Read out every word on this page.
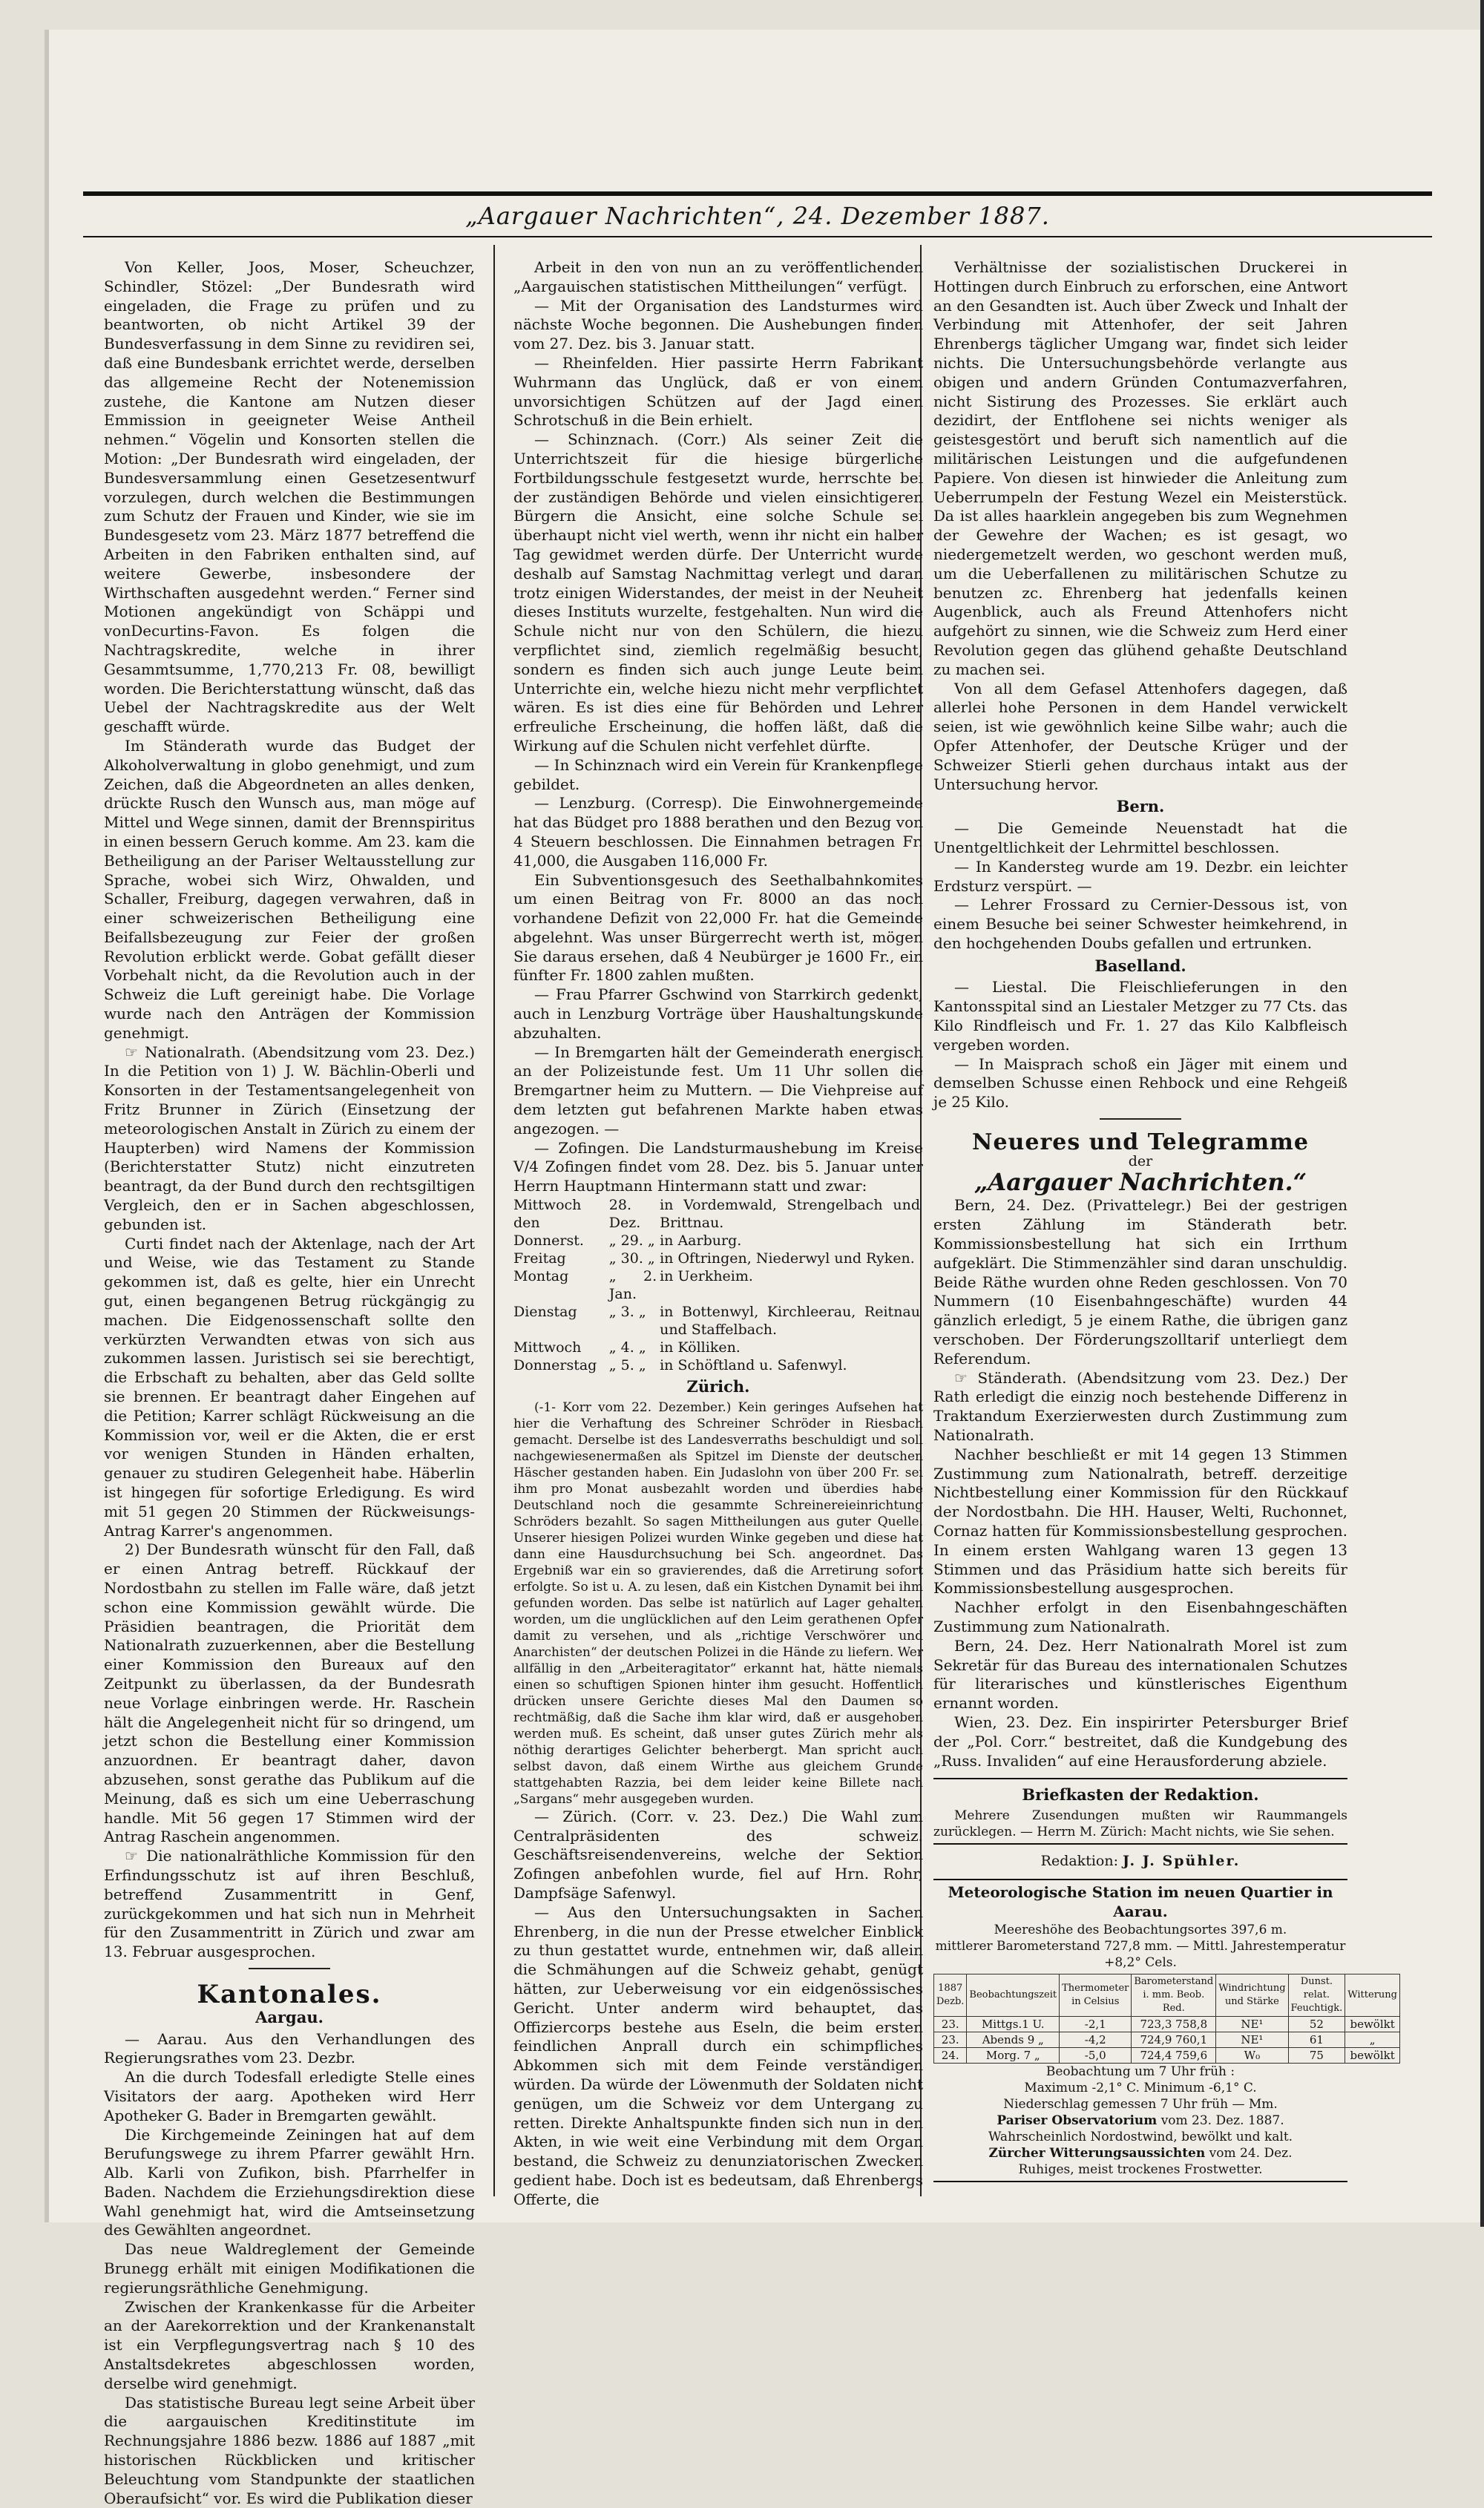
„Aargauer Nachrichten“, 24. Dezember 1887.

Von Keller, Joos, Moser, Scheuchzer, Schindler, Stözel: „Der Bundesrath wird eingeladen, die Frage zu prüfen und zu beantworten, ob nicht Artikel 39 der Bundesverfassung in dem Sinne zu revidiren sei, daß eine Bundesbank errichtet werde, derselben das allgemeine Recht der Notenemission zustehe, die Kantone am Nutzen dieser Emmission in geeigneter Weise Antheil nehmen.“ Vögelin und Konsorten stellen die Motion: „Der Bundesrath wird eingeladen, der Bundesversammlung einen Gesetzesentwurf vorzulegen, durch welchen die Bestimmungen zum Schutz der Frauen und Kinder, wie sie im Bundesgesetz vom 23. März 1877 betreffend die Arbeiten in den Fabriken enthalten sind, auf weitere Gewerbe, insbesondere der Wirthschaften ausgedehnt werden.“ Ferner sind Motionen angekündigt von Schäppi und vonDecurtins-Favon. Es folgen die Nachtragskredite, welche in ihrer Gesammtsumme, 1,770,213 Fr. 08, bewilligt worden. Die Berichterstattung wünscht, daß das Uebel der Nachtragskredite aus der Welt geschafft würde.

Im Ständerath wurde das Budget der Alkoholverwaltung in globo genehmigt, und zum Zeichen, daß die Abgeordneten an alles denken, drückte Rusch den Wunsch aus, man möge auf Mittel und Wege sinnen, damit der Brennspiritus in einen bessern Geruch komme. Am 23. kam die Betheiligung an der Pariser Weltausstellung zur Sprache, wobei sich Wirz, Ohwalden, und Schaller, Freiburg, dagegen verwahren, daß in einer schweizerischen Betheiligung eine Beifallsbezeugung zur Feier der großen Revolution erblickt werde. Gobat gefällt dieser Vorbehalt nicht, da die Revolution auch in der Schweiz die Luft gereinigt habe. Die Vorlage wurde nach den Anträgen der Kommission genehmigt.

☞ Nationalrath. (Abendsitzung vom 23. Dez.) In die Petition von 1) J. W. Bächlin-Oberli und Konsorten in der Testamentsangelegenheit von Fritz Brunner in Zürich (Einsetzung der meteorologischen Anstalt in Zürich zu einem der Haupterben) wird Namens der Kommission (Berichterstatter Stutz) nicht einzutreten beantragt, da der Bund durch den rechtsgiltigen Vergleich, den er in Sachen abgeschlossen, gebunden ist.

Curti findet nach der Aktenlage, nach der Art und Weise, wie das Testament zu Stande gekommen ist, daß es gelte, hier ein Unrecht gut, einen begangenen Betrug rückgängig zu machen. Die Eidgenossenschaft sollte den verkürzten Verwandten etwas von sich aus zukommen lassen. Juristisch sei sie berechtigt, die Erbschaft zu behalten, aber das Geld sollte sie brennen. Er beantragt daher Eingehen auf die Petition; Karrer schlägt Rückweisung an die Kommission vor, weil er die Akten, die er erst vor wenigen Stunden in Händen erhalten, genauer zu studiren Gelegenheit habe. Häberlin ist hingegen für sofortige Erledigung. Es wird mit 51 gegen 20 Stimmen der Rückweisungs-Antrag Karrer's angenommen.

2) Der Bundesrath wünscht für den Fall, daß er einen Antrag betreff. Rückkauf der Nordostbahn zu stellen im Falle wäre, daß jetzt schon eine Kommission gewählt würde. Die Präsidien beantragen, die Priorität dem Nationalrath zuzuerkennen, aber die Bestellung einer Kommission den Bureaux auf den Zeitpunkt zu überlassen, da der Bundesrath neue Vorlage einbringen werde. Hr. Raschein hält die Angelegenheit nicht für so dringend, um jetzt schon die Bestellung einer Kommission anzuordnen. Er beantragt daher, davon abzusehen, sonst gerathe das Publikum auf die Meinung, daß es sich um eine Ueberraschung handle. Mit 56 gegen 17 Stimmen wird der Antrag Raschein angenommen.

☞ Die nationalräthliche Kommission für den Erfindungsschutz ist auf ihren Beschluß, betreffend Zusammentritt in Genf, zurückgekommen und hat sich nun in Mehrheit für den Zusammentritt in Zürich und zwar am 13. Februar ausgesprochen.

Kantonales.
Aargau.

— Aarau. Aus den Verhandlungen des Regierungsrathes vom 23. Dezbr.

An die durch Todesfall erledigte Stelle eines Visitators der aarg. Apotheken wird Herr Apotheker G. Bader in Bremgarten gewählt.

Die Kirchgemeinde Zeiningen hat auf dem Berufungswege zu ihrem Pfarrer gewählt Hrn. Alb. Karli von Zufikon, bish. Pfarrhelfer in Baden. Nachdem die Erziehungsdirektion diese Wahl genehmigt hat, wird die Amtseinsetzung des Gewählten angeordnet.

Das neue Waldreglement der Gemeinde Brunegg erhält mit einigen Modifikationen die regierungsräthliche Genehmigung.

Zwischen der Krankenkasse für die Arbeiter an der Aarekorrektion und der Krankenanstalt ist ein Verpflegungsvertrag nach § 10 des Anstaltsdekretes abgeschlossen worden, derselbe wird genehmigt.

Das statistische Bureau legt seine Arbeit über die aargauischen Kreditinstitute im Rechnungsjahre 1886 bezw. 1886 auf 1887 „mit historischen Rückblicken und kritischer Beleuchtung vom Standpunkte der staatlichen Oberaufsicht“ vor. Es wird die Publikation dieser

Arbeit in den von nun an zu veröffentlichenden „Aargauischen statistischen Mittheilungen“ verfügt.

— Mit der Organisation des Landsturmes wird nächste Woche begonnen. Die Aushebungen finden vom 27. Dez. bis 3. Januar statt.

— Rheinfelden. Hier passirte Herrn Fabrikant Wuhrmann das Unglück, daß er von einem unvorsichtigen Schützen auf der Jagd einen Schrotschuß in die Bein erhielt.

— Schinznach. (Corr.) Als seiner Zeit die Unterrichtszeit für die hiesige bürgerliche Fortbildungsschule festgesetzt wurde, herrschte bei der zuständigen Behörde und vielen einsichtigeren Bürgern die Ansicht, eine solche Schule sei überhaupt nicht viel werth, wenn ihr nicht ein halber Tag gewidmet werden dürfe. Der Unterricht wurde deshalb auf Samstag Nachmittag verlegt und daran trotz einigen Widerstandes, der meist in der Neuheit dieses Instituts wurzelte, festgehalten. Nun wird die Schule nicht nur von den Schülern, die hiezu verpflichtet sind, ziemlich regelmäßig besucht, sondern es finden sich auch junge Leute beim Unterrichte ein, welche hiezu nicht mehr verpflichtet wären. Es ist dies eine für Behörden und Lehrer erfreuliche Erscheinung, die hoffen läßt, daß die Wirkung auf die Schulen nicht verfehlet dürfte.

— In Schinznach wird ein Verein für Krankenpflege gebildet.

— Lenzburg. (Corresp). Die Einwohnergemeinde hat das Büdget pro 1888 berathen und den Bezug von 4 Steuern beschlossen. Die Einnahmen betragen Fr. 41,000, die Ausgaben 116,000 Fr.

Ein Subventionsgesuch des Seethalbahnkomites um einen Beitrag von Fr. 8000 an das noch vorhandene Defizit von 22,000 Fr. hat die Gemeinde abgelehnt. Was unser Bürgerrecht werth ist, mögen Sie daraus ersehen, daß 4 Neubürger je 1600 Fr., ein fünfter Fr. 1800 zahlen mußten.

— Frau Pfarrer Gschwind von Starrkirch gedenkt, auch in Lenzburg Vorträge über Haushaltungskunde abzuhalten.

— In Bremgarten hält der Gemeinderath energisch an der Polizeistunde fest. Um 11 Uhr sollen die Bremgartner heim zu Muttern. — Die Viehpreise auf dem letzten gut befahrenen Markte haben etwas angezogen. —

— Zofingen. Die Landsturmaushebung im Kreise V/4 Zofingen findet vom 28. Dez. bis 5. Januar unter Herrn Hauptmann Hintermann statt und zwar:

Mittwoch den	28. Dez.	in Vordemwald, Strengelbach und Brittnau.
Donnerst.	„ 29. „	in Aarburg.
Freitag	„ 30. „	in Oftringen, Niederwyl und Ryken.
Montag	„ 2. Jan.	in Uerkheim.
Dienstag	„ 3. „	in Bottenwyl, Kirchleerau, Reitnau und Staffelbach.
Mittwoch	„ 4. „	in Kölliken.
Donnerstag	„ 5. „	in Schöftland u. Safenwyl.
Zürich.

(-1- Korr vom 22. Dezember.) Kein geringes Aufsehen hat hier die Verhaftung des Schreiner Schröder in Riesbach gemacht. Derselbe ist des Landesverraths beschuldigt und soll nachgewiesenermaßen als Spitzel im Dienste der deutschen Häscher gestanden haben. Ein Judaslohn von über 200 Fr. sei ihm pro Monat ausbezahlt worden und überdies habe Deutschland noch die gesammte Schreinereieinrichtung Schröders bezahlt. So sagen Mittheilungen aus guter Quelle. Unserer hiesigen Polizei wurden Winke gegeben und diese hat dann eine Hausdurchsuchung bei Sch. angeordnet. Das Ergebniß war ein so gravierendes, daß die Arretirung sofort erfolgte. So ist u. A. zu lesen, daß ein Kistchen Dynamit bei ihm gefunden worden. Das selbe ist natürlich auf Lager gehalten worden, um die unglücklichen auf den Leim gerathenen Opfer damit zu versehen, und als „richtige Verschwörer und Anarchisten“ der deutschen Polizei in die Hände zu liefern. Wer allfällig in den „Arbeiteragitator“ erkannt hat, hätte niemals einen so schuftigen Spionen hinter ihm gesucht. Hoffentlich drücken unsere Gerichte dieses Mal den Daumen so rechtmäßig, daß die Sache ihm klar wird, daß er ausgehoben werden muß. Es scheint, daß unser gutes Zürich mehr als nöthig derartiges Gelichter beherbergt. Man spricht auch selbst davon, daß einem Wirthe aus gleichem Grunde stattgehabten Razzia, bei dem leider keine Billete nach „Sargans“ mehr ausgegeben wurden.

— Zürich. (Corr. v. 23. Dez.) Die Wahl zum Centralpräsidenten des schweiz. Geschäftsreisendenvereins, welche der Sektion Zofingen anbefohlen wurde, fiel auf Hrn. Rohr, Dampfsäge Safenwyl.

— Aus den Untersuchungsakten in Sachen Ehrenberg, in die nun der Presse etwelcher Einblick zu thun gestattet wurde, entnehmen wir, daß allein die Schmähungen auf die Schweiz gehabt, genügt hätten, zur Ueberweisung vor ein eidgenössisches Gericht. Unter anderm wird behauptet, das Offiziercorps bestehe aus Eseln, die beim ersten feindlichen Anprall durch ein schimpfliches Abkommen sich mit dem Feinde verständigen würden. Da würde der Löwenmuth der Soldaten nicht genügen, um die Schweiz vor dem Untergang zu retten. Direkte Anhaltspunkte finden sich nun in den Akten, in wie weit eine Verbindung mit dem Organ bestand, die Schweiz zu denunziatorischen Zwecken gedient habe. Doch ist es bedeutsam, daß Ehrenbergs Offerte, die

Verhältnisse der sozialistischen Druckerei in Hottingen durch Einbruch zu erforschen, eine Antwort an den Gesandten ist. Auch über Zweck und Inhalt der Verbindung mit Attenhofer, der seit Jahren Ehrenbergs täglicher Umgang war, findet sich leider nichts. Die Untersuchungsbehörde verlangte aus obigen und andern Gründen Contumazverfahren, nicht Sistirung des Prozesses. Sie erklärt auch dezidirt, der Entflohene sei nichts weniger als geistesgestört und beruft sich namentlich auf die militärischen Leistungen und die aufgefundenen Papiere. Von diesen ist hinwieder die Anleitung zum Ueberrumpeln der Festung Wezel ein Meisterstück. Da ist alles haarklein angegeben bis zum Wegnehmen der Gewehre der Wachen; es ist gesagt, wo niedergemetzelt werden, wo geschont werden muß, um die Ueberfallenen zu militärischen Schutze zu benutzen zc. Ehrenberg hat jedenfalls keinen Augenblick, auch als Freund Attenhofers nicht aufgehört zu sinnen, wie die Schweiz zum Herd einer Revolution gegen das glühend gehaßte Deutschland zu machen sei.

Von all dem Gefasel Attenhofers dagegen, daß allerlei hohe Personen in dem Handel verwickelt seien, ist wie gewöhnlich keine Silbe wahr; auch die Opfer Attenhofer, der Deutsche Krüger und der Schweizer Stierli gehen durchaus intakt aus der Untersuchung hervor.

Bern.

— Die Gemeinde Neuenstadt hat die Unentgeltlichkeit der Lehrmittel beschlossen.

— In Kandersteg wurde am 19. Dezbr. ein leichter Erdsturz verspürt. —

— Lehrer Frossard zu Cernier-Dessous ist, von einem Besuche bei seiner Schwester heimkehrend, in den hochgehenden Doubs gefallen und ertrunken.

Baselland.

— Liestal. Die Fleischlieferungen in den Kantonsspital sind an Liestaler Metzger zu 77 Cts. das Kilo Rindfleisch und Fr. 1. 27 das Kilo Kalbfleisch vergeben worden.

— In Maisprach schoß ein Jäger mit einem und demselben Schusse einen Rehbock und eine Rehgeiß je 25 Kilo.

Neueres und Telegramme
der
„Aargauer Nachrichten.“

Bern, 24. Dez. (Privattelegr.) Bei der gestrigen ersten Zählung im Ständerath betr. Kommissionsbestellung hat sich ein Irrthum aufgeklärt. Die Stimmenzähler sind daran unschuldig. Beide Räthe wurden ohne Reden geschlossen. Von 70 Nummern (10 Eisenbahngeschäfte) wurden 44 gänzlich erledigt, 5 je einem Rathe, die übrigen ganz verschoben. Der Förderungszolltarif unterliegt dem Referendum.

☞ Ständerath. (Abendsitzung vom 23. Dez.) Der Rath erledigt die einzig noch bestehende Differenz in Traktandum Exerzierwesten durch Zustimmung zum Nationalrath.

Nachher beschließt er mit 14 gegen 13 Stimmen Zustimmung zum Nationalrath, betreff. derzeitige Nichtbestellung einer Kommission für den Rückkauf der Nordostbahn. Die HH. Hauser, Welti, Ruchonnet, Cornaz hatten für Kommissionsbestellung gesprochen. In einem ersten Wahlgang waren 13 gegen 13 Stimmen und das Präsidium hatte sich bereits für Kommissionsbestellung ausgesprochen.

Nachher erfolgt in den Eisenbahngeschäften Zustimmung zum Nationalrath.

Bern, 24. Dez. Herr Nationalrath Morel ist zum Sekretär für das Bureau des internationalen Schutzes für literarisches und künstlerisches Eigenthum ernannt worden.

Wien, 23. Dez. Ein inspirirter Petersburger Brief der „Pol. Corr.“ bestreitet, daß die Kundgebung des „Russ. Invaliden“ auf eine Herausforderung abziele.

Briefkasten der Redaktion.

Mehrere Zusendungen mußten wir Raummangels zurücklegen. — Herrn M. Zürich: Macht nichts, wie Sie sehen.

Redaktion: J. J. Spühler.
Meteorologische Station im neuen Quartier in Aarau.
Meereshöhe des Beobachtungsortes 397,6 m.
mittlerer Barometerstand 727,8 mm. — Mittl. Jahrestemperatur +8,2° Cels.
1887 Dezb.	Beobachtungszeit	Thermometer in Celsius	Barometerstand i. mm. Beob. Red.	Windrichtung und Stärke	Dunst. relat. Feuchtigk.	Witterung
23.	Mittgs.1 U.	-2,1	723,3 758,8	NE¹	52	bewölkt
23.	Abends 9 „	-4,2	724,9 760,1	NE¹	61	„
24.	Morg. 7 „	-5,0	724,4 759,6	W₀	75	bewölkt
Beobachtung um 7 Uhr früh :
Maximum -2,1° C. Minimum -6,1° C.
Niederschlag gemessen 7 Uhr früh — Mm.
Pariser Observatorium vom 23. Dez. 1887.
Wahrscheinlich Nordostwind, bewölkt und kalt.
Zürcher Witterungsaussichten vom 24. Dez.
Ruhiges, meist trockenes Frostwetter.
